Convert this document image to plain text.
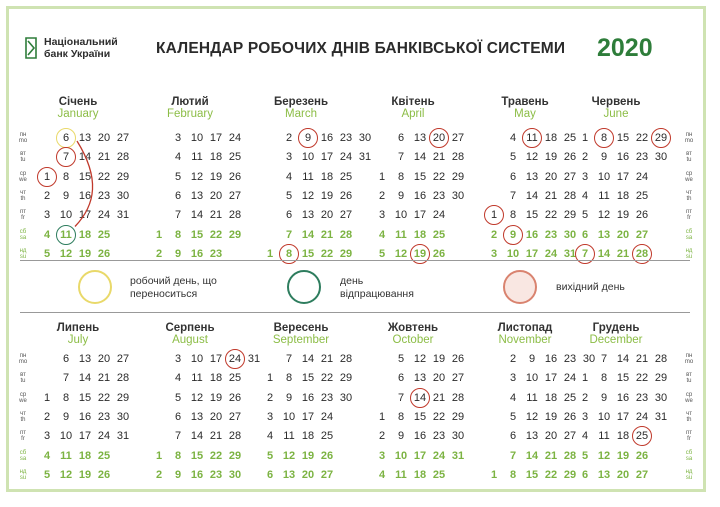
Національний
банк України	КАЛЕНДАР РОБОЧИХ ДНІВ БАНКІВСЬКОЇ СИСТЕМИ 2020
пн
mo
вт
tu
ср
we
чт
th
пт
fr
сб
sa
нд
su
пн
mo
вт
tu
ср
we
чт
th
пт
fr
сб
sa
нд
su
пн
mo
вт
tu
ср
we
чт
th
пт
fr
сб
sa
нд
su
пн
mo
вт
tu
ср
we
чт
th
пт
fr
сб
sa
нд
su
Січень
January
1
2
3
4
5
6
7
8
9
10
11
12
13
14
15
16
17
18
19
20
21
22
23
24
25
26
27
28
29
30
31
Лютий
February
1
2
3
4
5
6
7
8
9
10
11
12
13
14
15
16
17
18
19
20
21
22
23
24
25
26
27
28
29
Березень
March
1
2
3
4
5
6
7
8
9
10
11
12
13
14
15
16
17
18
19
20
21
22
23
24
25
26
27
28
29
30
31
Квітень
April
1
2
3
4
5
6
7
8
9
10
11
12
13
14
15
16
17
18
19
20
21
22
23
24
25
26
27
28
29
30
Травень
May
1
2
3
4
5
6
7
8
9
10
11
12
13
14
15
16
17
18
19
20
21
22
23
24
25
26
27
28
29
30
31
Червень
June
1
2
3
4
5
6
7
8
9
10
11
12
13
14
15
16
17
18
19
20
21
22
23
24
25
26
27
28
29
30
Липень
July
1
2
3
4
5
6
7
8
9
10
11
12
13
14
15
16
17
18
19
20
21
22
23
24
25
26
27
28
29
30
31
Серпень
August
1
2
3
4
5
6
7
8
9
10
11
12
13
14
15
16
17
18
19
20
21
22
23
24
25
26
27
28
29
30
31
Вересень
September
1
2
3
4
5
6
7
8
9
10
11
12
13
14
15
16
17
18
19
20
21
22
23
24
25
26
27
28
29
30
Жовтень
October
1
2
3
4
5
6
7
8
9
10
11
12
13
14
15
16
17
18
19
20
21
22
23
24
25
26
27
28
29
30
31
Листопад
November
1
2
3
4
5
6
7
8
9
10
11
12
13
14
15
16
17
18
19
20
21
22
23
24
25
26
27
28
29
30
Грудень
December
1
2
3
4
5
6
7
8
9
10
11
12
13
14
15
16
17
18
19
20
21
22
23
24
25
26
27
28
29
30
31
робочий день, що переноситься
день відпрацювання
вихідний день
